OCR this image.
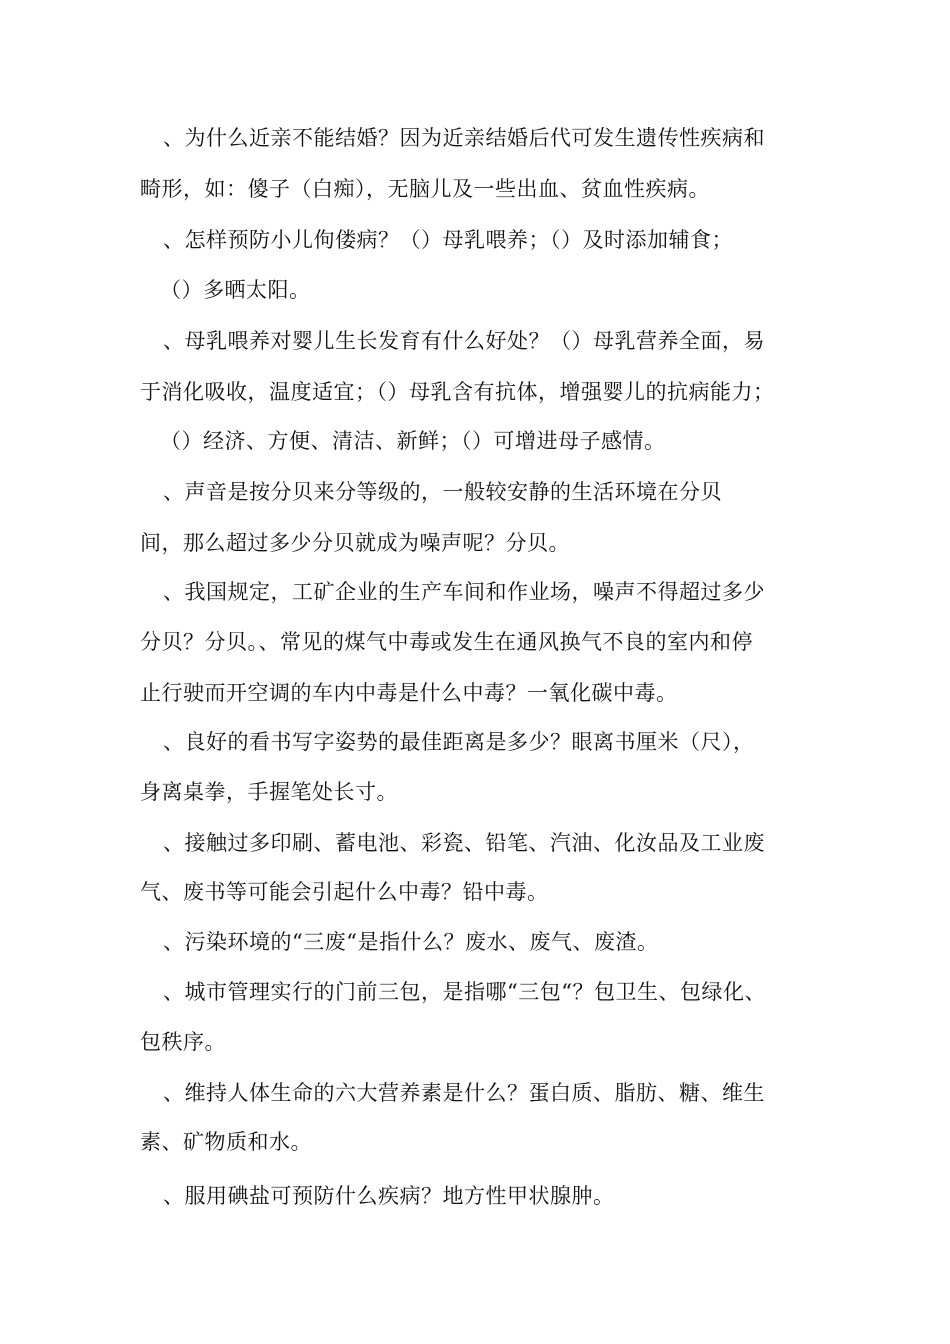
、为什么近亲不能结婚？因为近亲结婚后代可发生遗传性疾病和
畸形，如：傻子（白痴），无脑儿及一些出血、贫血性疾病。
、怎样预防小儿佝偻病？（）母乳喂养；（）及时添加辅食；
（）多晒太阳。
、母乳喂养对婴儿生长发育有什么好处？（）母乳营养全面，易
于消化吸收，温度适宜；（）母乳含有抗体，增强婴儿的抗病能力；
（）经济、方便、清洁、新鲜；（）可增进母子感情。
、声音是按分贝来分等级的，一般较安静的生活环境在分贝
间，那么超过多少分贝就成为噪声呢？分贝。
、我国规定，工矿企业的生产车间和作业场，噪声不得超过多少
分贝？分贝。、常见的煤气中毒或发生在通风换气不良的室内和停
止行驶而开空调的车内中毒是什么中毒？一氧化碳中毒。
、良好的看书写字姿势的最佳距离是多少？眼离书厘米（尺），
身离桌拳，手握笔处长寸。
、接触过多印刷、蓄电池、彩瓷、铅笔、汽油、化汝品及工业废
气、废书等可能会引起什么中毒？铅中毒。
、污染环境的“三废“是指什么？废水、废气、废渣。
、城市管理实行的门前三包，是指哪“三包“？包卫生、包绿化、
包秩序。
、维持人体生命的六大营养素是什么？蛋白质、脂肪、糖、维生
素、矿物质和水。
、服用碘盐可预防什么疾病？地方性甲状腺肿。
